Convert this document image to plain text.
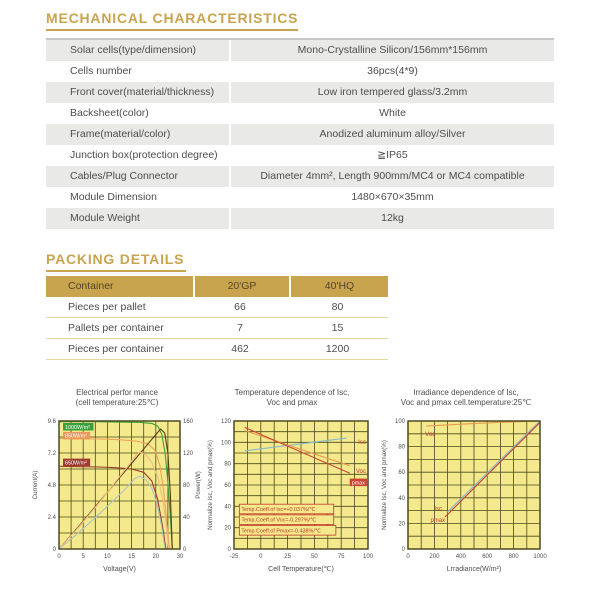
MECHANICAL CHARACTERISTICS
Solar cells(type/dimension)	Mono-Crystalline Silicon/156mm*156mm
Cells number	36pcs(4*9)
Front cover(material/thickness)	Low iron tempered glass/3.2mm
Backsheet(color)	White
Frame(material/color)	Anodized aluminum alloy/Silver
Junction box(protection degree)	≧IP65
Cables/Plug Connector	Diameter 4mm², Length 900mm/MC4 or MC4 compatible
Module Dimension	1480×670×35mm
Module Weight	12kg
PACKING DETAILS
Container	20'GP	40'HQ
Pieces per pallet	66	80
Pallets per container	7	15
Pieces per container	462	1200
Electrical perfor mance
(cell temperature:25℃)
1000W/m²
850W/m²
650W/m²
0	5	10	15	20	30
0
2.4
4.8
7.2
9.6
0
40
80
120
160
Voltage(V)
Current(A)	Power(W)
Temperature dependence of Isc,
Voc and pmax
Temp.Coeff.of Isc=+0.037%/℃
Temp.Coeff.of Voc=-0.297%/℃
Temp.Coeff.of Pmax=-0.438%/℃
Isc
Voc
pmax
-25	0	25	50	75	100
0
20
40
60
80
100
120
Cell Temperature(℃)
Normalize Isc, Voc and pmax(%)
Irradiance dependence of Isc,
Voc and pmax cell.temperature:25℃
Voc
Isc
pmax
0	200	400	600	800 1000
0
20
40
60
80
100
Lrradiance(W/m²)
Normalize Isc, Voc and pmax(%)
